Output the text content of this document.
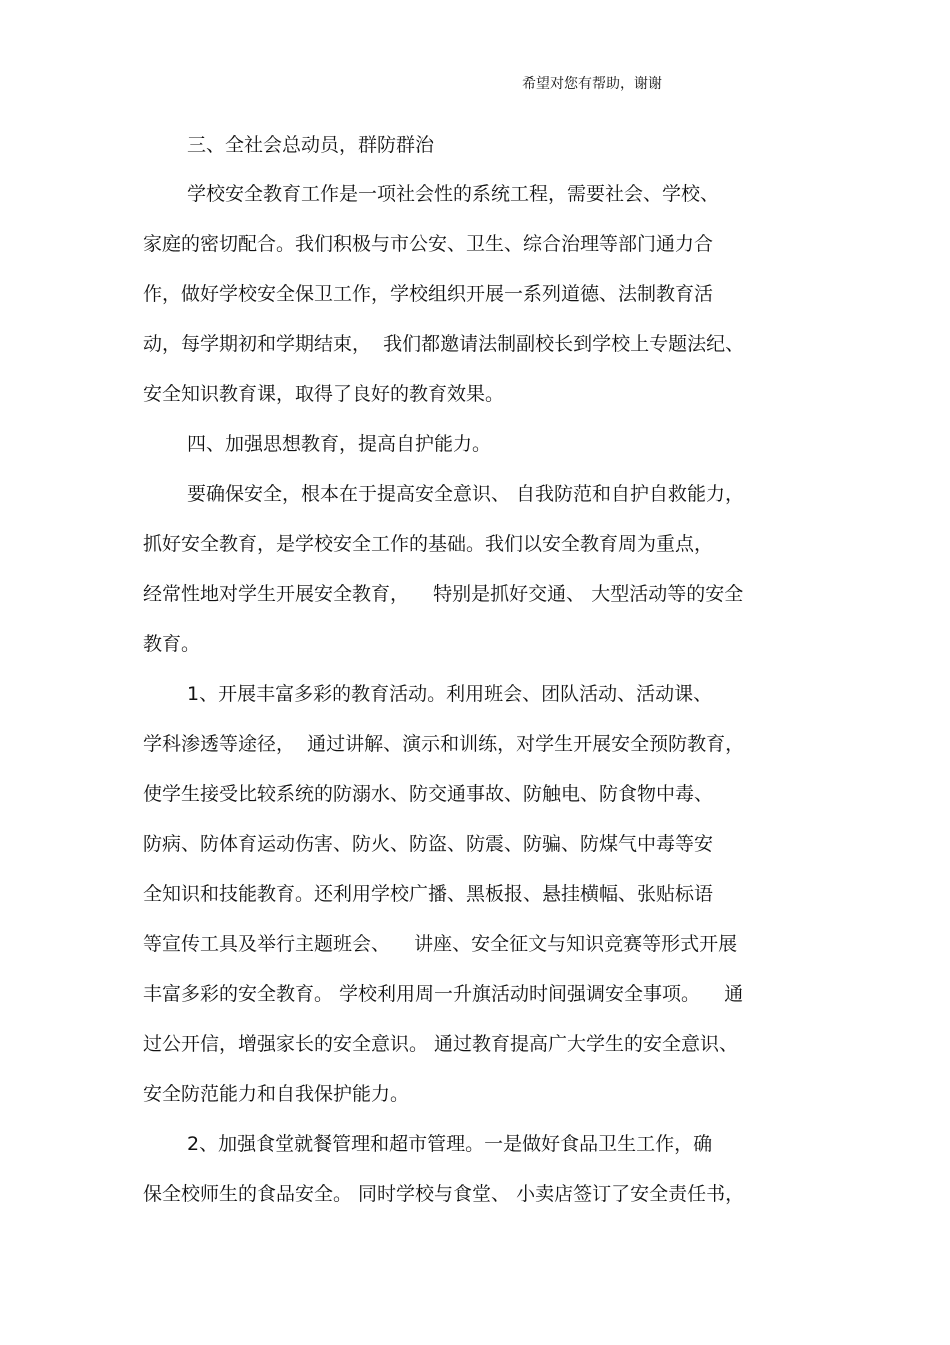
希望对您有帮助，谢谢
三、全社会总动员，群防群治
学校安全教育工作是一项社会性的系统工程，需要社会、学校、
家庭的密切配合。我们积极与市公安、卫生、综合治理等部门通力合
作，做好学校安全保卫工作，学校组织开展一系列道德、法制教育活
动，每学期初和学期结束，  我们都邀请法制副校长到学校上专题法纪、
安全知识教育课，取得了良好的教育效果。
四、加强思想教育，提高自护能力。
要确保安全，根本在于提高安全意识、 自我防范和自护自救能力，
抓好安全教育，是学校安全工作的基础。我们以安全教育周为重点，
经常性地对学生开展安全教育，    特别是抓好交通、 大型活动等的安全
教育。
1、开展丰富多彩的教育活动。利用班会、团队活动、活动课、
学科渗透等途径，  通过讲解、演示和训练，对学生开展安全预防教育，
使学生接受比较系统的防溺水、防交通事故、防触电、防食物中毒、
防病、防体育运动伤害、防火、防盗、防震、防骗、防煤气中毒等安
全知识和技能教育。还利用学校广播、黑板报、悬挂横幅、张贴标语
等宣传工具及举行主题班会、    讲座、安全征文与知识竞赛等形式开展
丰富多彩的安全教育。 学校利用周一升旗活动时间强调安全事项。    通
过公开信，增强家长的安全意识。 通过教育提高广大学生的安全意识、
安全防范能力和自我保护能力。
2、加强食堂就餐管理和超市管理。一是做好食品卫生工作，确
保全校师生的食品安全。 同时学校与食堂、 小卖店签订了安全责任书，
